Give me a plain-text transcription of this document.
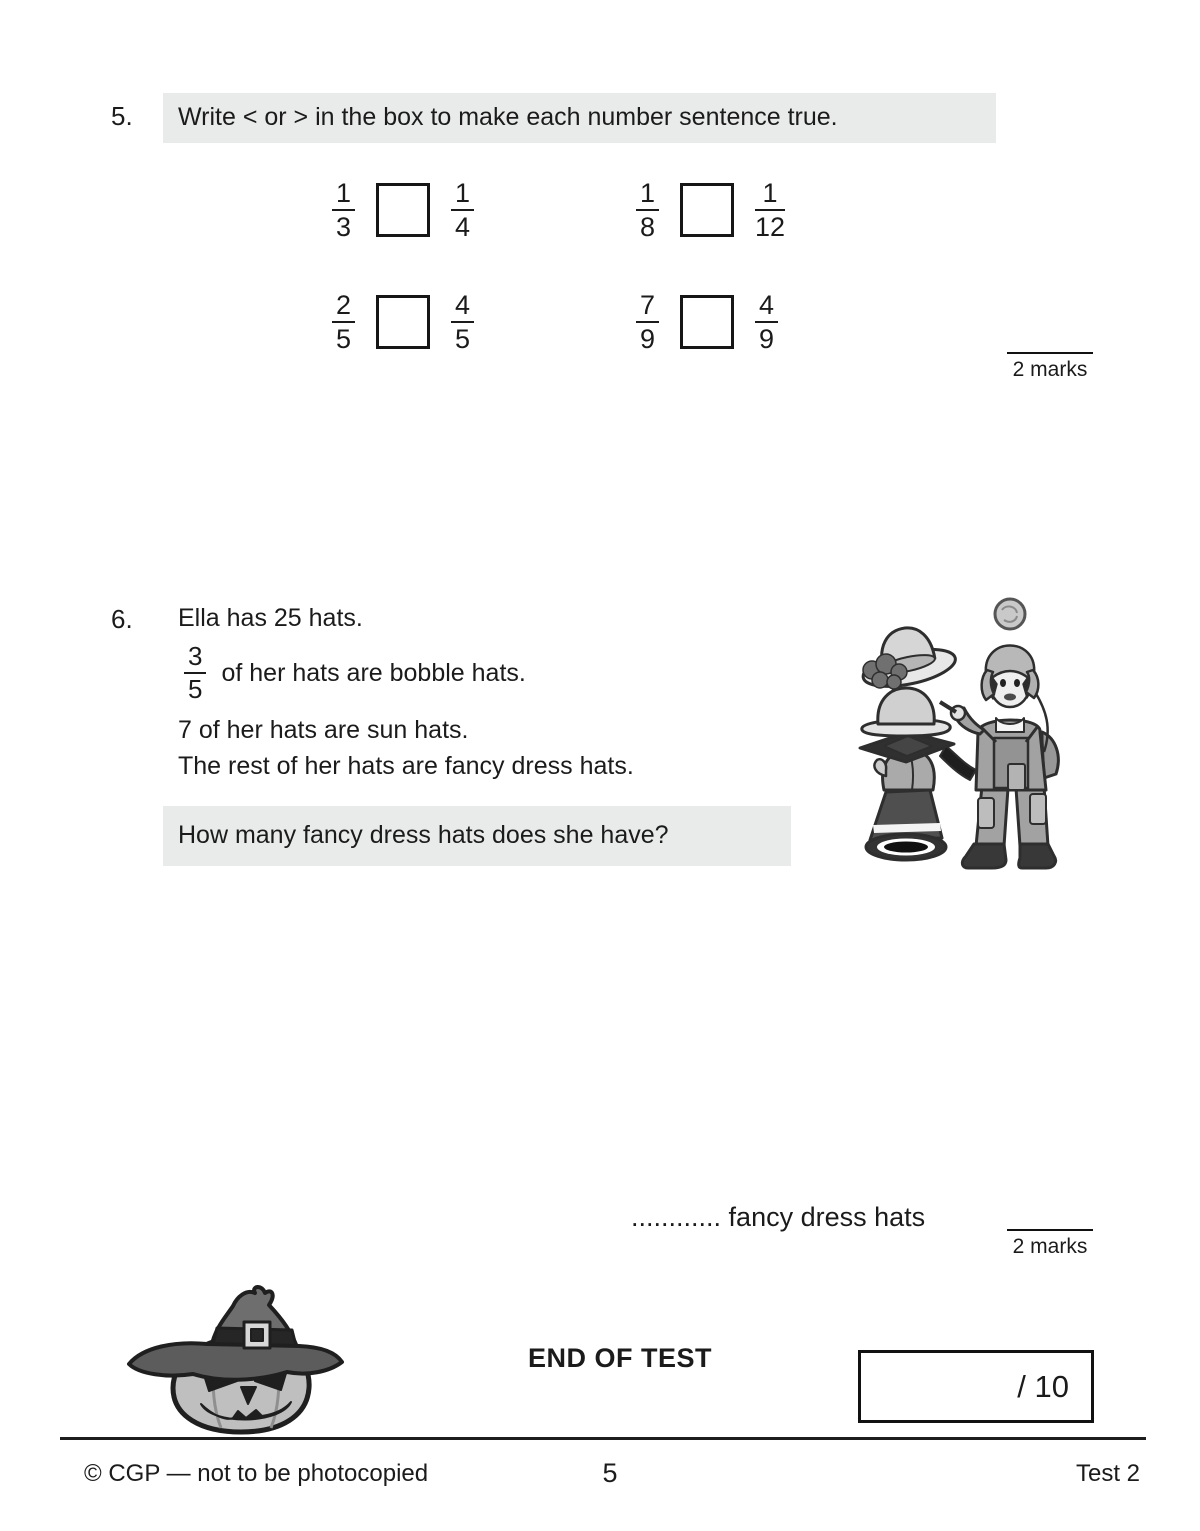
5.	Write < or > in the box to make each number sentence true.
$\frac{1}{3}$	$\frac{1}{4}$	$\frac{1}{8}$	$\frac{1}{12}$
$\frac{2}{5}$	$\frac{4}{5}$	$\frac{7}{9}$	$\frac{4}{9}$
2 marks
6. Ella has 25 hats.
$\frac{3}{5}$ of her hats are bobble hats.
7 of her hats are sun hats.
The rest of her hats are fancy dress hats.
How many fancy dress hats does she have?
............ fancy dress hats
2 marks
END OF TEST
/ 10
© CGP — not to be photocopied	5	Test 2
